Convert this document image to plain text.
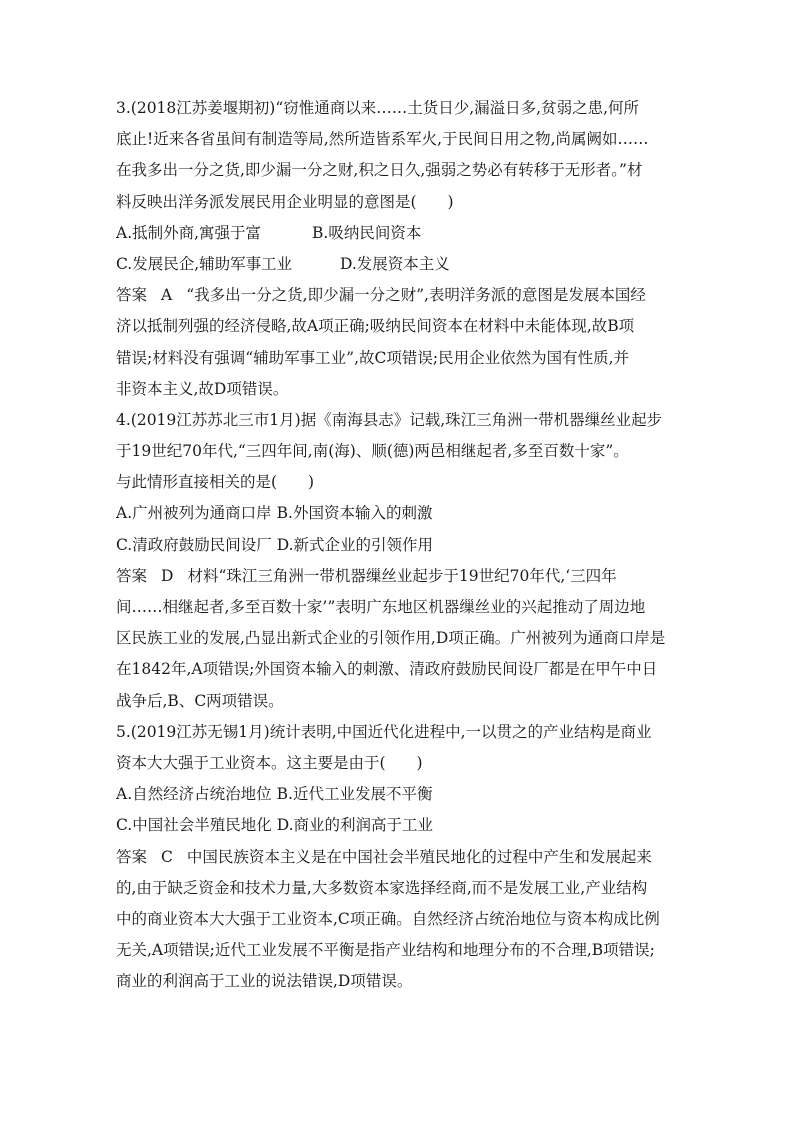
3.(2018江苏姜堰期初)“窃惟通商以来……土货日少,漏溢日多,贫弱之患,何所
底止!近来各省虽间有制造等局,然所造皆系军火,于民间日用之物,尚属阙如……
在我多出一分之货,即少漏一分之财,积之日久,强弱之势必有转移于无形者。”材
料反映出洋务派发展民用企业明显的意图是(　　)
A.抵制外商,寓强于富	B.吸纳民间资本
C.发展民企,辅助军事工业	D.发展资本主义
答案 A “我多出一分之货,即少漏一分之财”,表明洋务派的意图是发展本国经
济以抵制列强的经济侵略,故A项正确;吸纳民间资本在材料中未能体现,故B项
错误;材料没有强调“辅助军事工业”,故C项错误;民用企业依然为国有性质,并
非资本主义,故D项错误。
4.(2019江苏苏北三市1月)据《南海县志》记载,珠江三角洲一带机器缫丝业起步
于19世纪70年代,“三四年间,南(海)、顺(德)两邑相继起者,多至百数十家”。
与此情形直接相关的是(　　)
A.广州被列为通商口岸 B.外国资本输入的刺激
C.清政府鼓励民间设厂 D.新式企业的引领作用
答案 D 材料“珠江三角洲一带机器缫丝业起步于19世纪70年代,‘三四年
间……相继起者,多至百数十家’”表明广东地区机器缫丝业的兴起推动了周边地
区民族工业的发展,凸显出新式企业的引领作用,D项正确。广州被列为通商口岸是
在1842年,A项错误;外国资本输入的刺激、清政府鼓励民间设厂都是在甲午中日
战争后,B、C两项错误。
5.(2019江苏无锡1月)统计表明,中国近代化进程中,一以贯之的产业结构是商业
资本大大强于工业资本。这主要是由于(　　)
A.自然经济占统治地位 B.近代工业发展不平衡
C.中国社会半殖民地化 D.商业的利润高于工业
答案 C 中国民族资本主义是在中国社会半殖民地化的过程中产生和发展起来
的,由于缺乏资金和技术力量,大多数资本家选择经商,而不是发展工业,产业结构
中的商业资本大大强于工业资本,C项正确。自然经济占统治地位与资本构成比例
无关,A项错误;近代工业发展不平衡是指产业结构和地理分布的不合理,B项错误;
商业的利润高于工业的说法错误,D项错误。
